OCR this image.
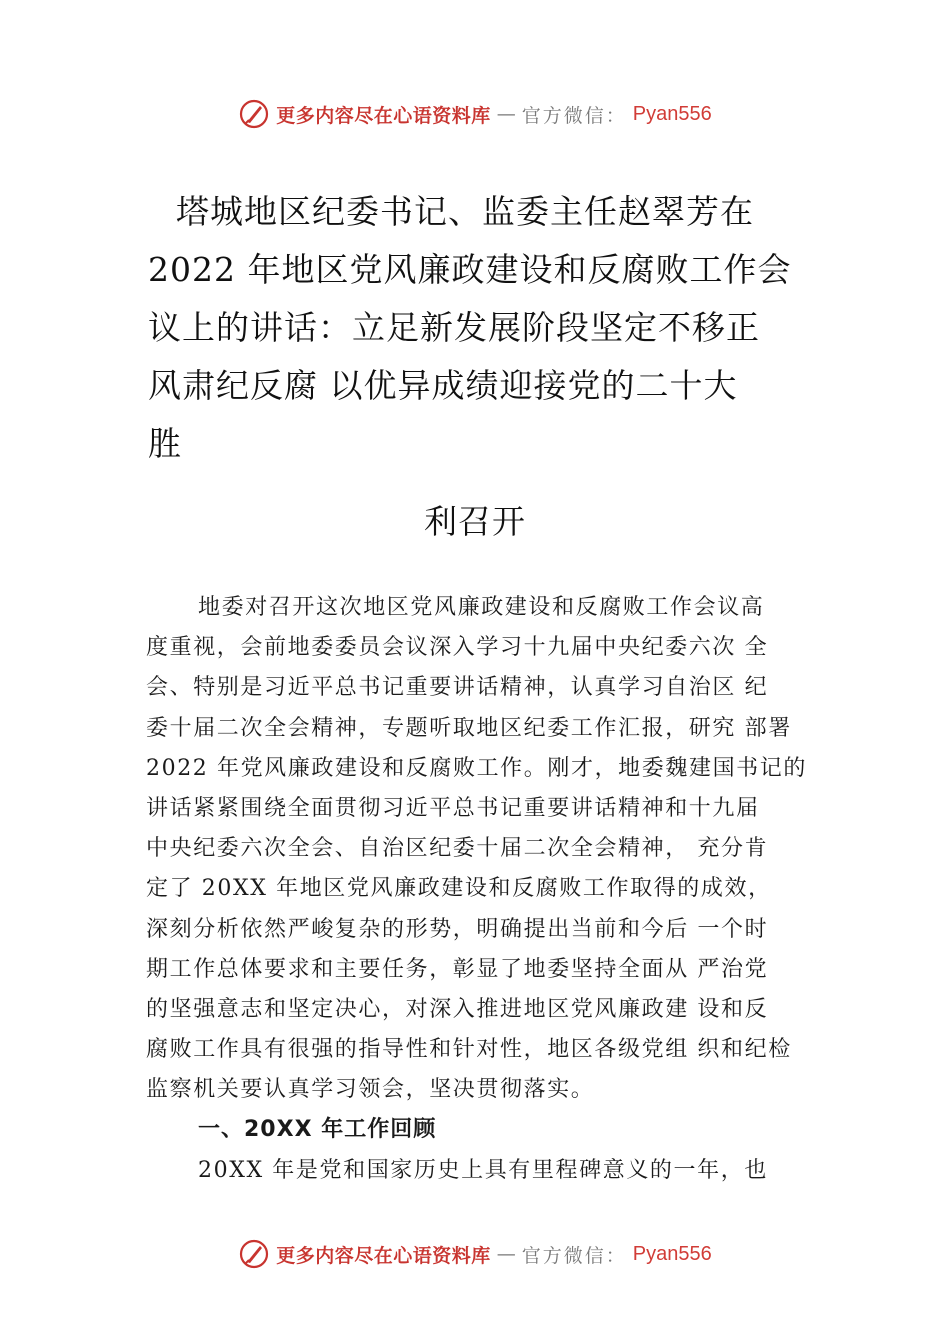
更多内容尽在心语资料库 — 官方微信： Pyan556
塔城地区纪委书记、监委主任赵翠芳在
2022 年地区党风廉政建设和反腐败工作会
议上的讲话：立足新发展阶段坚定不移正
风肃纪反腐 以优异成绩迎接党的二十大
胜
利召开
地委对召开这次地区党风廉政建设和反腐败工作会议高
度重视，会前地委委员会议深入学习十九届中央纪委六次 全
会、特别是习近平总书记重要讲话精神，认真学习自治区 纪
委十届二次全会精神，专题听取地区纪委工作汇报，研究 部署
2022 年党风廉政建设和反腐败工作。刚才，地委魏建国书记的
讲话紧紧围绕全面贯彻习近平总书记重要讲话精神和十九届
中央纪委六次全会、自治区纪委十届二次全会精神， 充分肯
定了 20XX 年地区党风廉政建设和反腐败工作取得的成效，
深刻分析依然严峻复杂的形势，明确提出当前和今后 一个时
期工作总体要求和主要任务，彰显了地委坚持全面从 严治党
的坚强意志和坚定决心，对深入推进地区党风廉政建 设和反
腐败工作具有很强的指导性和针对性，地区各级党组 织和纪检
监察机关要认真学习领会，坚决贯彻落实。
一、20XX 年工作回顾
20XX 年是党和国家历史上具有里程碑意义的一年，也
更多内容尽在心语资料库 — 官方微信： Pyan556
